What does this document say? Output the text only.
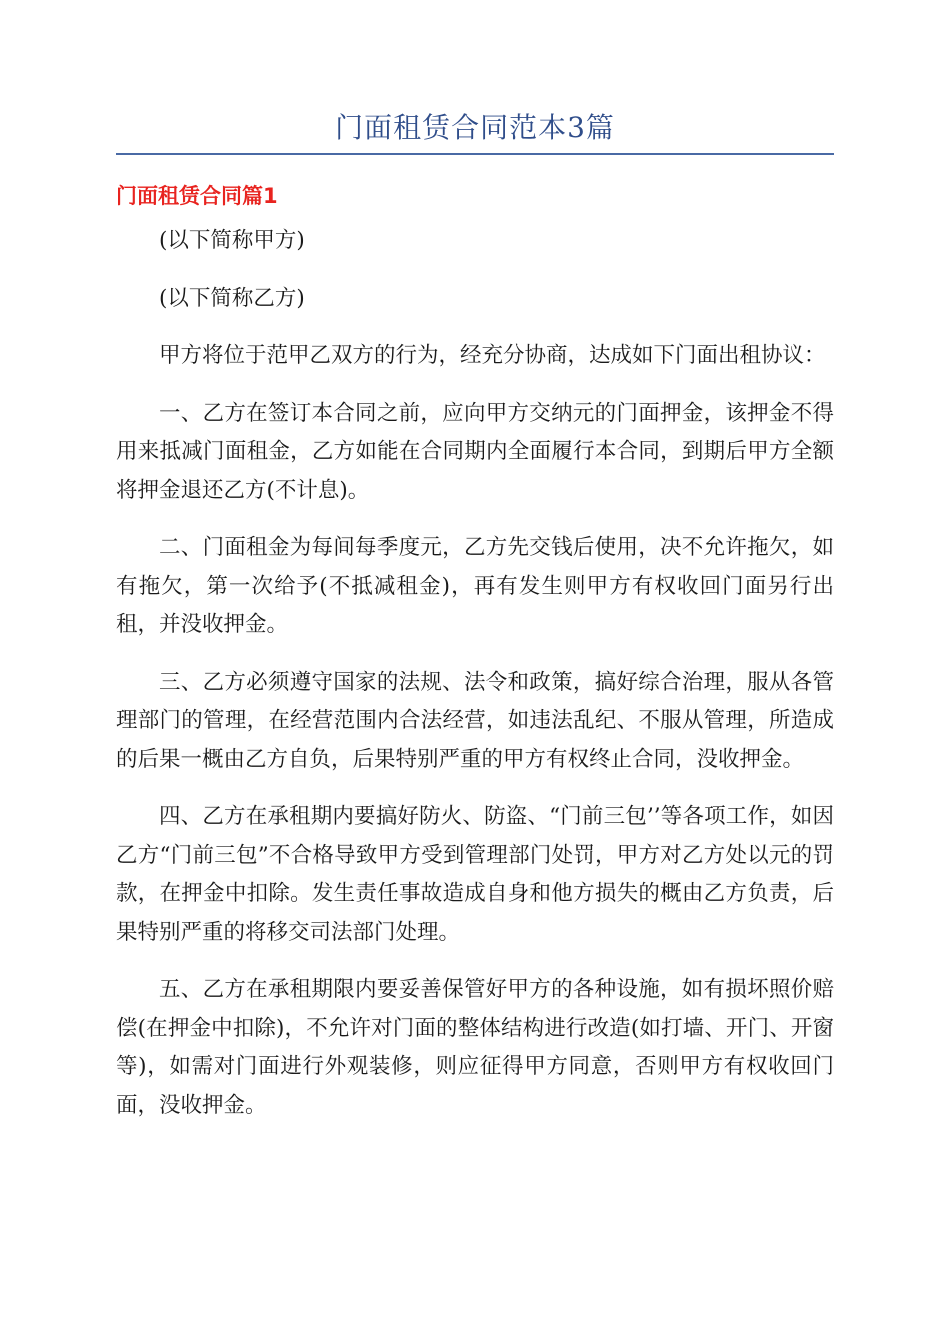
门面租赁合同范本3篇
门面租赁合同篇1

(以下简称甲方)

(以下简称乙方)

甲方将位于范甲乙双方的行为，经充分协商，达成如下门面出租协议：

一、乙方在签订本合同之前，应向甲方交纳元的门面押金，该押金不得用来抵减门面租金，乙方如能在合同期内全面履行本合同，到期后甲方全额将押金退还乙方(不计息)。

二、门面租金为每间每季度元，乙方先交钱后使用，决不允许拖欠，如有拖欠，第一次给予(不抵减租金)，再有发生则甲方有权收回门面另行出租，并没收押金。

三、乙方必须遵守国家的法规、法令和政策，搞好综合治理，服从各管理部门的管理，在经营范围内合法经营，如违法乱纪、不服从管理，所造成的后果一概由乙方自负，后果特别严重的甲方有权终止合同，没收押金。

四、乙方在承租期内要搞好防火、防盗、“门前三包’’等各项工作，如因乙方“门前三包”不合格导致甲方受到管理部门处罚，甲方对乙方处以元的罚款，在押金中扣除。发生责任事故造成自身和他方损失的概由乙方负责，后果特别严重的将移交司法部门处理。

五、乙方在承租期限内要妥善保管好甲方的各种设施，如有损坏照价赔偿(在押金中扣除)，不允许对门面的整体结构进行改造(如打墙、开门、开窗等)，如需对门面进行外观装修，则应征得甲方同意，否则甲方有权收回门面，没收押金。
